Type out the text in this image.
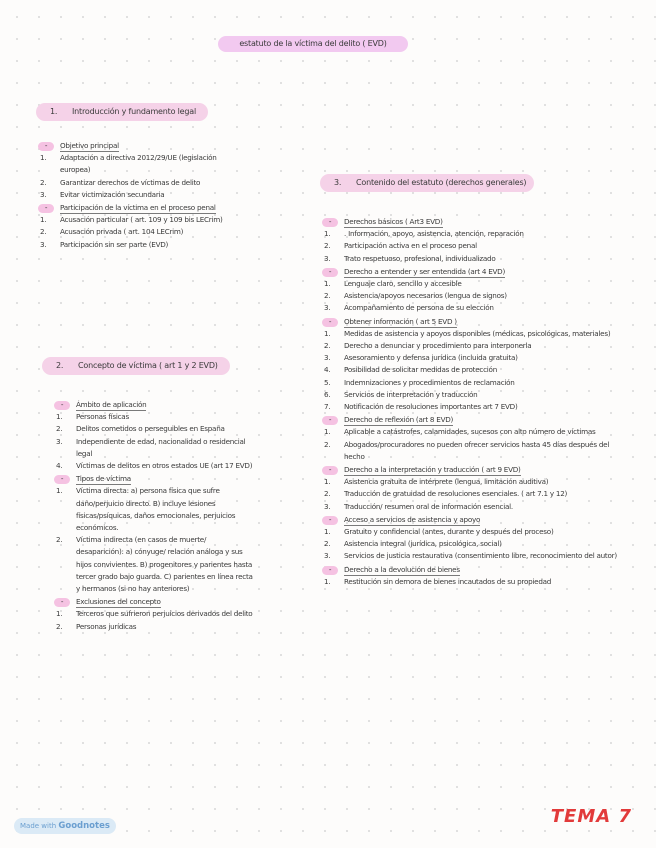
estatuto de la víctima del delito ( EVD)
1. Introducción y fundamento legal
-	Objetivo principal
1. Adaptación a directiva 2012/29/UE (legislación europea)
2. Garantizar derechos de víctimas de delito
3. Evitar victimización secundaria
-	Participación de la víctima en el proceso penal
1. Acusación particular ( art. 109 y 109 bis LECrim)
2. Acusación privada ( art. 104 LECrim)
3. Participación sin ser parte (EVD)
2. Concepto de víctima ( art 1 y 2 EVD)
-	Ámbito de aplicación
1. Personas físicas
2. Delitos cometidos o perseguibles en España
3. Independiente de edad, nacionalidad o residencial legal
4. Víctimas de delitos en otros estados UE (art 17 EVD)
-	Tipos de víctima
1. Víctima directa: a) persona física que sufre daño/perjuicio directo. B) incluye lesiones físicas/psíquicas, daños emocionales, perjuicios económicos.
2. Víctima indirecta (en casos de muerte/ desaparición): a) cónyuge/ relación análoga y sus hijos convivientes. B) progenitores y parientes hasta tercer grado bajo guarda. C) parientes en línea recta y hermanos (si no hay anteriores)
-	Exclusiones del concepto
1. Terceros que sufrieron perjuicios derivados del delito
2. Personas jurídicas
3. Contenido del estatuto (derechos generales)
-	Derechos básicos ( Art3 EVD)
1. . Información, apoyo, asistencia, atención, reparación
2. Participación activa en el proceso penal
3. Trato respetuoso, profesional, individualizado
-	Derecho a entender y ser entendida (art 4 EVD)
1. Lenguaje claro, sencillo y accesible
2. Asistencia/apoyos necesarios (lengua de signos)
3. Acompañamiento de persona de su elección
-	Obtener información ( art 5 EVD )
1. Medidas de asistencia y apoyos disponibles (médicas, psicológicas, materiales)
2. Derecho a denunciar y procedimiento para interponerla
3. Asesoramiento y defensa jurídica (incluida gratuita)
4. Posibilidad de solicitar medidas de protección
5. Indemnizaciones y procedimientos de reclamación
6. Servicios de interpretación y traducción
7. Notificación de resoluciones importantes art 7 EVD)
-	Derecho de reflexión (art 8 EVD)
1. Aplicable a catástrofes, calamidades, sucesos con alto número de víctimas
2. Abogados/procuradores no pueden ofrecer servicios hasta 45 días después del hecho
-	Derecho a la interpretación y traducción ( art 9 EVD)
1. Asistencia gratuita de intérprete (lengua, limitación auditiva)
2. Traducción de gratuidad de resoluciones esenciales. ( art 7.1 y 12)
3. Traducción/ resumen oral de información esencial.
-	Acceso a servicios de asistencia y apoyo
1. Gratuito y confidencial (antes, durante y después del proceso)
2. Asistencia integral (jurídica, psicológica, social)
3. Servicios de justicia restaurativa (consentimiento libre, reconocimiento del autor)
-	Derecho a la devolución de bienes
1. Restitución sin demora de bienes incautados de su propiedad
Made with Goodnotes	TEMA 7
